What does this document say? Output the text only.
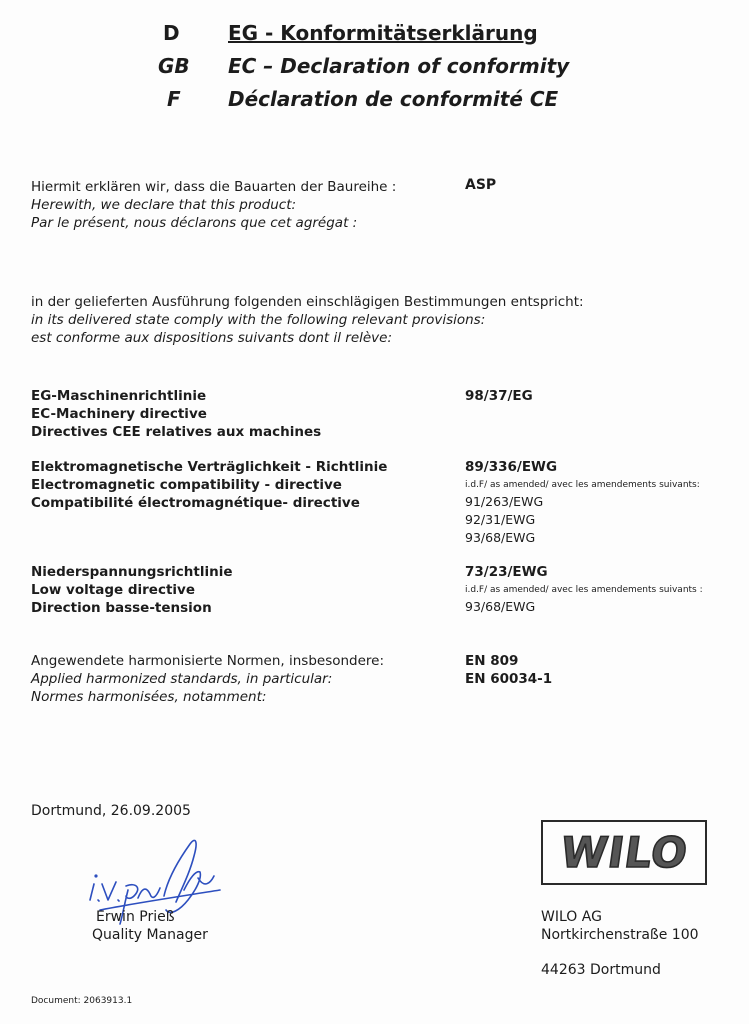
D EG - Konformitätserklärung
GB EC – Declaration of conformity
F Déclaration de conformité CE
Hiermit erklären wir, dass die Bauarten der Baureihe :
Herewith, we declare that this product:
Par le présent, nous déclarons que cet agrégat :
ASP
in der gelieferten Ausführung folgenden einschlägigen Bestimmungen entspricht:
in its delivered state comply with the following relevant provisions:
est conforme aux dispositions suivants dont il relève:
EG-Maschinenrichtlinie
EC-Machinery directive
Directives CEE relatives aux machines
98/37/EG
Elektromagnetische Verträglichkeit - Richtlinie
Electromagnetic compatibility - directive
Compatibilité électromagnétique- directive
89/336/EWG
i.d.F/ as amended/ avec les amendements suivants:
91/263/EWG
92/31/EWG
93/68/EWG
Niederspannungsrichtlinie
Low voltage directive
Direction basse-tension
73/23/EWG
i.d.F/ as amended/ avec les amendements suivants :
93/68/EWG
Angewendete harmonisierte Normen, insbesondere:
Applied harmonized standards, in particular:
Normes harmonisées, notamment:
EN 809
EN 60034-1
Dortmund, 26.09.2005
Erwin Prieß
Quality Manager
WILO
WILO AG
Nortkirchenstraße 100
44263 Dortmund
Document: 2063913.1
